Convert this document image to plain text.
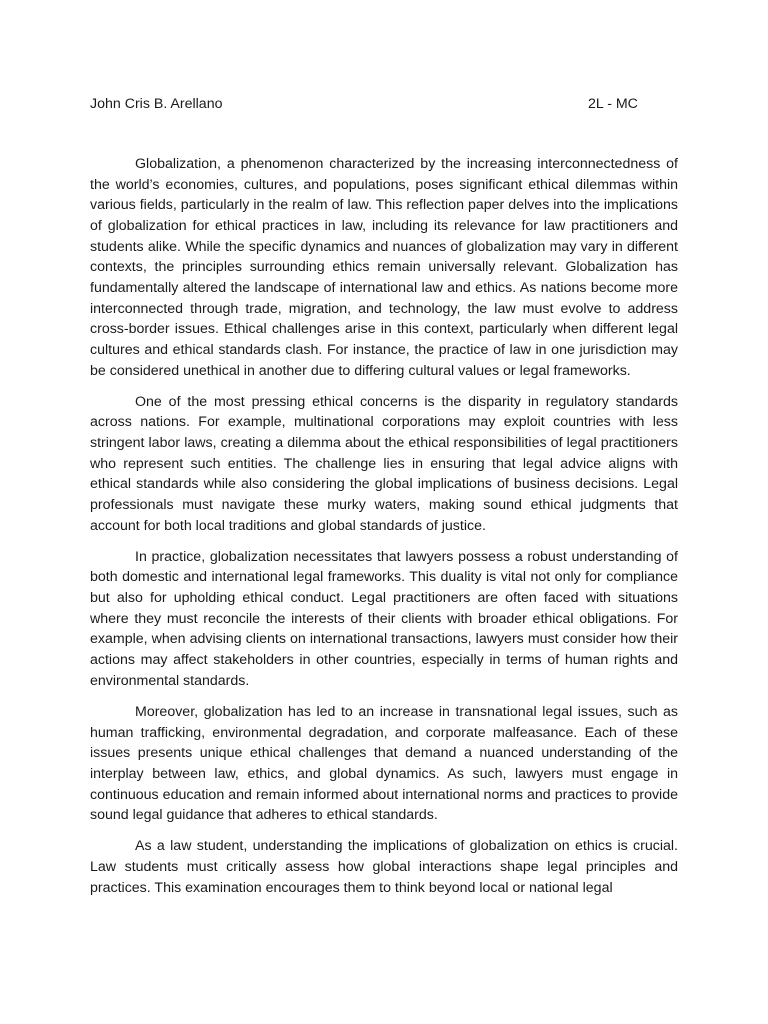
John Cris B. Arellano	2L - MC

Globalization, a phenomenon characterized by the increasing interconnectedness of the world’s economies, cultures, and populations, poses significant ethical dilemmas within various fields, particularly in the realm of law. This reflection paper delves into the implications of globalization for ethical practices in law, including its relevance for law practitioners and students alike. While the specific dynamics and nuances of globalization may vary in different contexts, the principles surrounding ethics remain universally relevant. Globalization has fundamentally altered the landscape of international law and ethics. As nations become more interconnected through trade, migration, and technology, the law must evolve to address cross-border issues. Ethical challenges arise in this context, particularly when different legal cultures and ethical standards clash. For instance, the practice of law in one jurisdiction may be considered unethical in another due to differing cultural values or legal frameworks.

One of the most pressing ethical concerns is the disparity in regulatory standards across nations. For example, multinational corporations may exploit countries with less stringent labor laws, creating a dilemma about the ethical responsibilities of legal practitioners who represent such entities. The challenge lies in ensuring that legal advice aligns with ethical standards while also considering the global implications of business decisions. Legal professionals must navigate these murky waters, making sound ethical judgments that account for both local traditions and global standards of justice.

In practice, globalization necessitates that lawyers possess a robust understanding of both domestic and international legal frameworks. This duality is vital not only for compliance but also for upholding ethical conduct. Legal practitioners are often faced with situations where they must reconcile the interests of their clients with broader ethical obligations. For example, when advising clients on international transactions, lawyers must consider how their actions may affect stakeholders in other countries, especially in terms of human rights and environmental standards.

Moreover, globalization has led to an increase in transnational legal issues, such as human trafficking, environmental degradation, and corporate malfeasance. Each of these issues presents unique ethical challenges that demand a nuanced understanding of the interplay between law, ethics, and global dynamics. As such, lawyers must engage in continuous education and remain informed about international norms and practices to provide sound legal guidance that adheres to ethical standards.

As a law student, understanding the implications of globalization on ethics is crucial. Law students must critically assess how global interactions shape legal principles and practices. This examination encourages them to think beyond local or national legal
